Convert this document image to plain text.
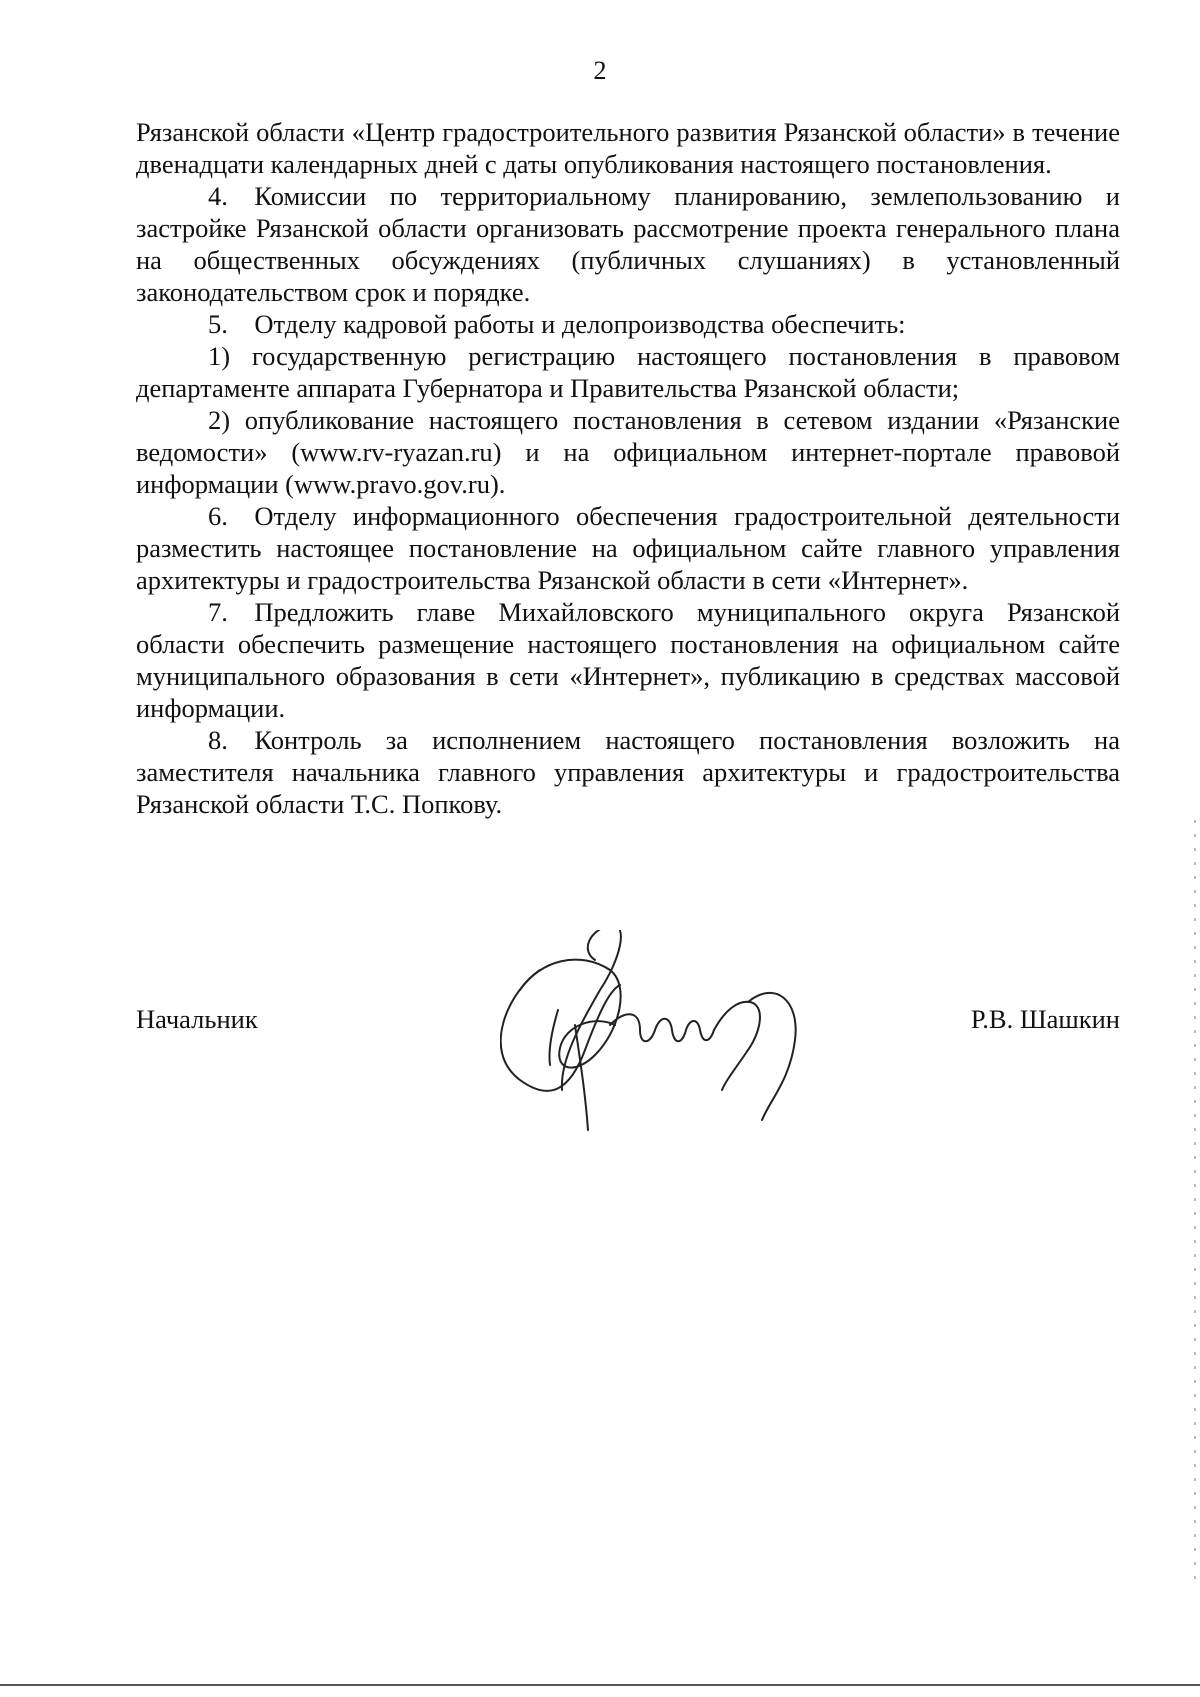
2

Рязанской области «Центр градостроительного развития Рязанской области» в течение двенадцати календарных дней с даты опубликования настоящего постановления.

4. Комиссии по территориальному планированию, землепользованию и застройке Рязанской области организовать рассмотрение проекта генерального плана на общественных обсуждениях (публичных слушаниях) в установленный законодательством срок и порядке.

5. Отделу кадровой работы и делопроизводства обеспечить:

1) государственную регистрацию настоящего постановления в правовом департаменте аппарата Губернатора и Правительства Рязанской области;

2) опубликование настоящего постановления в сетевом издании «Рязанские ведомости» (www.rv-ryazan.ru) и на официальном интернет-портале правовой информации (www.pravo.gov.ru).

6. Отделу информационного обеспечения градостроительной деятельности разместить настоящее постановление на официальном сайте главного управления архитектуры и градостроительства Рязанской области в сети «Интернет».

7. Предложить главе Михайловского муниципального округа Рязанской области обеспечить размещение настоящего постановления на официальном сайте муниципального образования в сети «Интернет», публикацию в средствах массовой информации.

8. Контроль за исполнением настоящего постановления возложить на заместителя начальника главного управления архитектуры и градостроительства Рязанской области Т.С. Попкову.

Начальник	Р.В. Шашкин
